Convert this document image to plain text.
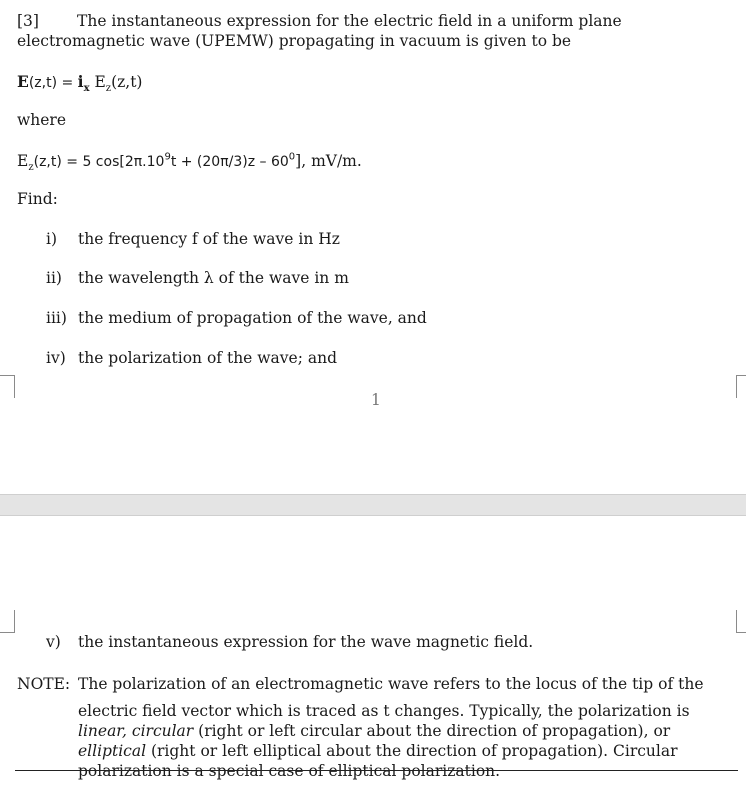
[3] The instantaneous expression for the electric field in a uniform plane
electromagnetic wave (UPEMW) propagating in vacuum is given to be
$E(z,t) = i_x$ $E_z(z,t)$
where
$E_z(z,t) = 5$ $\cos[2\pi.10^9t + (20\pi/3)z - 60^0]$, mV/m.
Find:
i) the frequency f of the wave in Hz
ii) the wavelength λ of the wave in m
iii) the medium of propagation of the wave, and
iv) the polarization of the wave; and
1
v) the instantaneous expression for the wave magnetic field.
NOTE: The polarization of an electromagnetic wave refers to the locus of the tip of the
electric field vector which is traced as t changes. Typically, the polarization is linear, circular (right or left circular about the direction of propagation), or elliptical (right or left elliptical about the direction of propagation). Circular polarization is a special case of elliptical polarization.
